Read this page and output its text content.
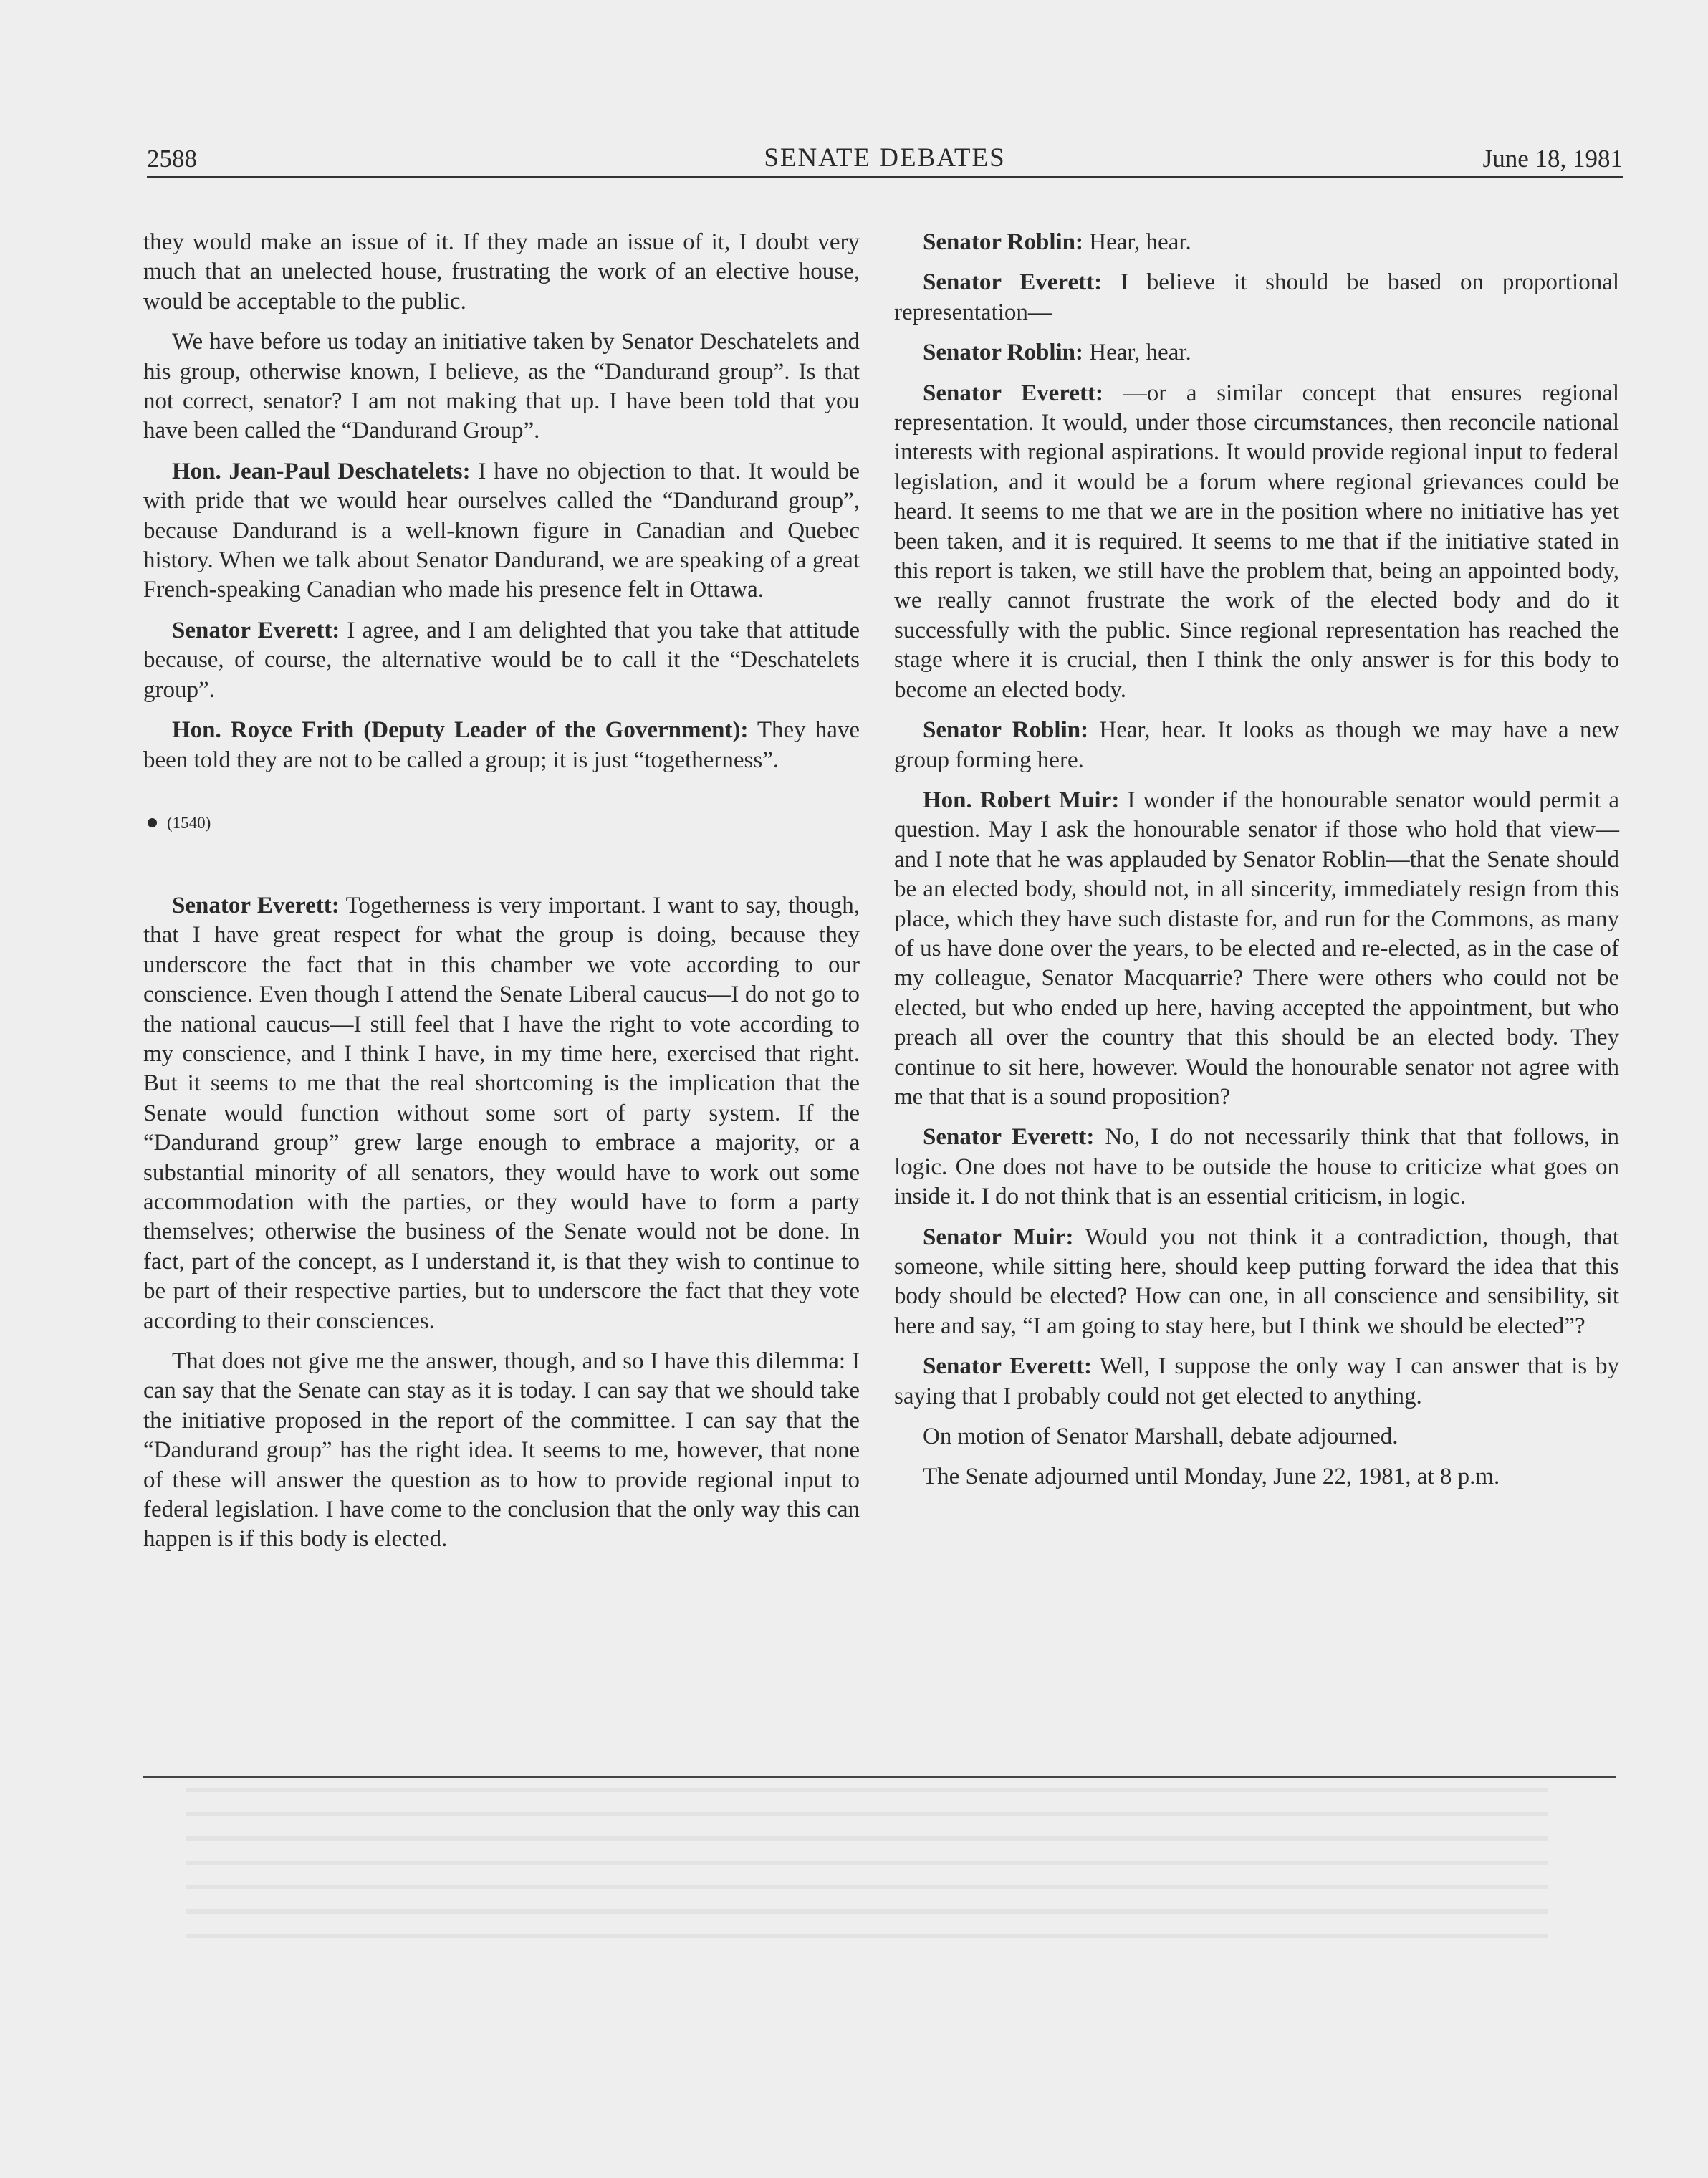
2588	SENATE DEBATES	June 18, 1981

they would make an issue of it. If they made an issue of it, I doubt very much that an unelected house, frustrating the work of an elective house, would be acceptable to the public.

We have before us today an initiative taken by Senator Deschatelets and his group, otherwise known, I believe, as the “Dandurand group”. Is that not correct, senator? I am not making that up. I have been told that you have been called the “Dandurand Group”.

Hon. Jean-Paul Deschatelets: I have no objection to that. It would be with pride that we would hear ourselves called the “Dandurand group”, because Dandurand is a well-known figure in Canadian and Quebec history. When we talk about Senator Dandurand, we are speaking of a great French-speaking Canadian who made his presence felt in Ottawa.

Senator Everett: I agree, and I am delighted that you take that attitude because, of course, the alternative would be to call it the “Deschatelets group”.

Hon. Royce Frith (Deputy Leader of the Government): They have been told they are not to be called a group; it is just “togetherness”.

(1540)

Senator Everett: Togetherness is very important. I want to say, though, that I have great respect for what the group is doing, because they underscore the fact that in this chamber we vote according to our conscience. Even though I attend the Senate Liberal caucus—I do not go to the national caucus—I still feel that I have the right to vote according to my conscience, and I think I have, in my time here, exercised that right. But it seems to me that the real shortcoming is the implication that the Senate would function without some sort of party system. If the “Dandurand group” grew large enough to embrace a majority, or a substantial minority of all senators, they would have to work out some accommodation with the parties, or they would have to form a party themselves; otherwise the business of the Senate would not be done. In fact, part of the concept, as I understand it, is that they wish to continue to be part of their respective parties, but to underscore the fact that they vote according to their consciences.

That does not give me the answer, though, and so I have this dilemma: I can say that the Senate can stay as it is today. I can say that we should take the initiative proposed in the report of the committee. I can say that the “Dandurand group” has the right idea. It seems to me, however, that none of these will answer the question as to how to provide regional input to federal legislation. I have come to the conclusion that the only way this can happen is if this body is elected.

Senator Roblin: Hear, hear.

Senator Everett: I believe it should be based on proportional representation—

Senator Roblin: Hear, hear.

Senator Everett: —or a similar concept that ensures regional representation. It would, under those circumstances, then reconcile national interests with regional aspirations. It would provide regional input to federal legislation, and it would be a forum where regional grievances could be heard. It seems to me that we are in the position where no initiative has yet been taken, and it is required. It seems to me that if the initiative stated in this report is taken, we still have the problem that, being an appointed body, we really cannot frustrate the work of the elected body and do it successfully with the public. Since regional representation has reached the stage where it is crucial, then I think the only answer is for this body to become an elected body.

Senator Roblin: Hear, hear. It looks as though we may have a new group forming here.

Hon. Robert Muir: I wonder if the honourable senator would permit a question. May I ask the honourable senator if those who hold that view—and I note that he was applauded by Senator Roblin—that the Senate should be an elected body, should not, in all sincerity, immediately resign from this place, which they have such distaste for, and run for the Commons, as many of us have done over the years, to be elected and re-elected, as in the case of my colleague, Senator Macquarrie? There were others who could not be elected, but who ended up here, having accepted the appointment, but who preach all over the country that this should be an elected body. They continue to sit here, however. Would the honourable senator not agree with me that that is a sound proposition?

Senator Everett: No, I do not necessarily think that that follows, in logic. One does not have to be outside the house to criticize what goes on inside it. I do not think that is an essential criticism, in logic.

Senator Muir: Would you not think it a contradiction, though, that someone, while sitting here, should keep putting forward the idea that this body should be elected? How can one, in all conscience and sensibility, sit here and say, “I am going to stay here, but I think we should be elected”?

Senator Everett: Well, I suppose the only way I can answer that is by saying that I probably could not get elected to anything.

On motion of Senator Marshall, debate adjourned.

The Senate adjourned until Monday, June 22, 1981, at 8 p.m.
